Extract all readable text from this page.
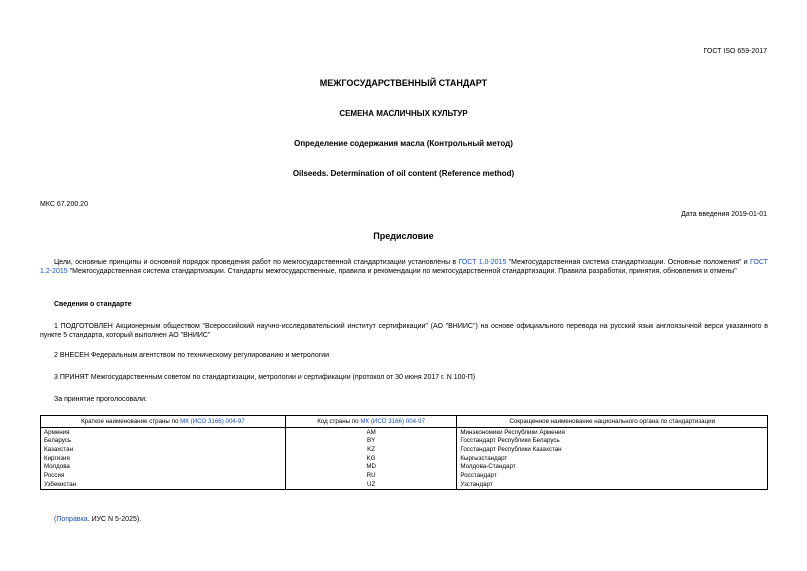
ГОСТ ISO 659-2017
МЕЖГОСУДАРСТВЕННЫЙ СТАНДАРТ
СЕМЕНА МАСЛИЧНЫХ КУЛЬТУР
Определение содержания масла (Контрольный метод)
Oilseeds. Determination of oil content (Reference method)
МКС 67.200.20
Дата введения 2019-01-01
Предисловие
Цели, основные принципы и основной порядок проведения работ по межгосударственной стандартизации установлены в ГОСТ 1.0-2015 "Межгосударственная система стандартизации. Основные положения" и ГОСТ 1.2-2015 "Межгосударственная система стандартизации. Стандарты межгосударственные, правила и рекомендации по межгосударственной стандартизации. Правила разработки, принятия, обновления и отмены"
Сведения о стандарте
1 ПОДГОТОВЛЕН Акционерным обществом "Всероссийский научно-исследовательский институт сертификации" (АО "ВНИИС") на основе официального перевода на русский язык англоязычной верси указанного в пункте 5 стандарта, который выполнен АО "ВНИИС"
2 ВНЕСЕН Федеральным агентством по техническому регулированию и метрологии
3 ПРИНЯТ Межгосударственным советом по стандартизации, метрологии и сертификации (протокол от 30 июня 2017 г. N 100-П)
За принятие проголосовали:
Краткое наименование страны по МК (ИСО 3166) 004-97	Код страны по МК (ИСО 3166) 004-97	Сокращенное наименование национального органа по стандартизации
Армения	AM	Минэкономики Республики Армения
Беларусь	BY	Госстандарт Республики Беларусь
Казахстан	KZ	Госстандарт Республики Казахстан
Киргизия	KG	Кыргызстандарт
Молдова	MD	Молдова-Стандарт
Россия	RU	Росстандарт
Узбекистан	UZ	Узстандарт
(Поправка. ИУС N 5-2025).
